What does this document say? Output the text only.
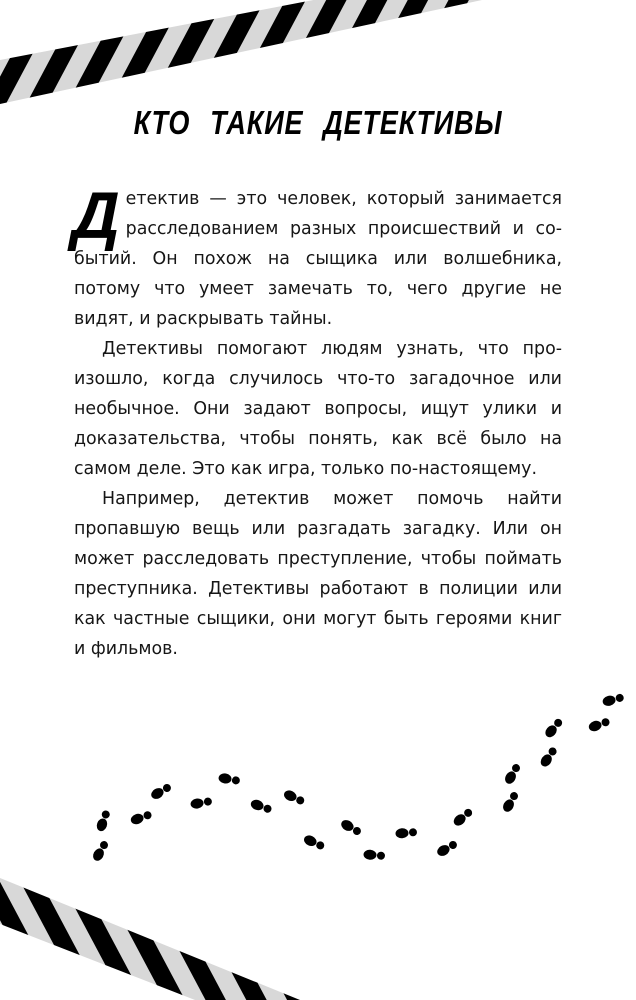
КТО ТАКИЕ ДЕТЕКТИВЫ

Детектив — это человек, который занимается расследованием разных происшествий и событий. Он похож на сыщика или волшебника, потому что умеет замечать то, чего другие не видят, и раскрывать тайны.

Детективы помогают людям узнать, что произошло, когда случилось что-то загадочное или необычное. Они задают вопросы, ищут улики и доказательства, чтобы понять, как всё было на самом деле. Это как игра, только по-настоящему.

Например, детектив может помочь найти пропавшую вещь или разгадать загадку. Или он может расследовать преступление, чтобы поймать преступника. Детективы работают в полиции или как частные сыщики, они могут быть героями книг и фильмов.
